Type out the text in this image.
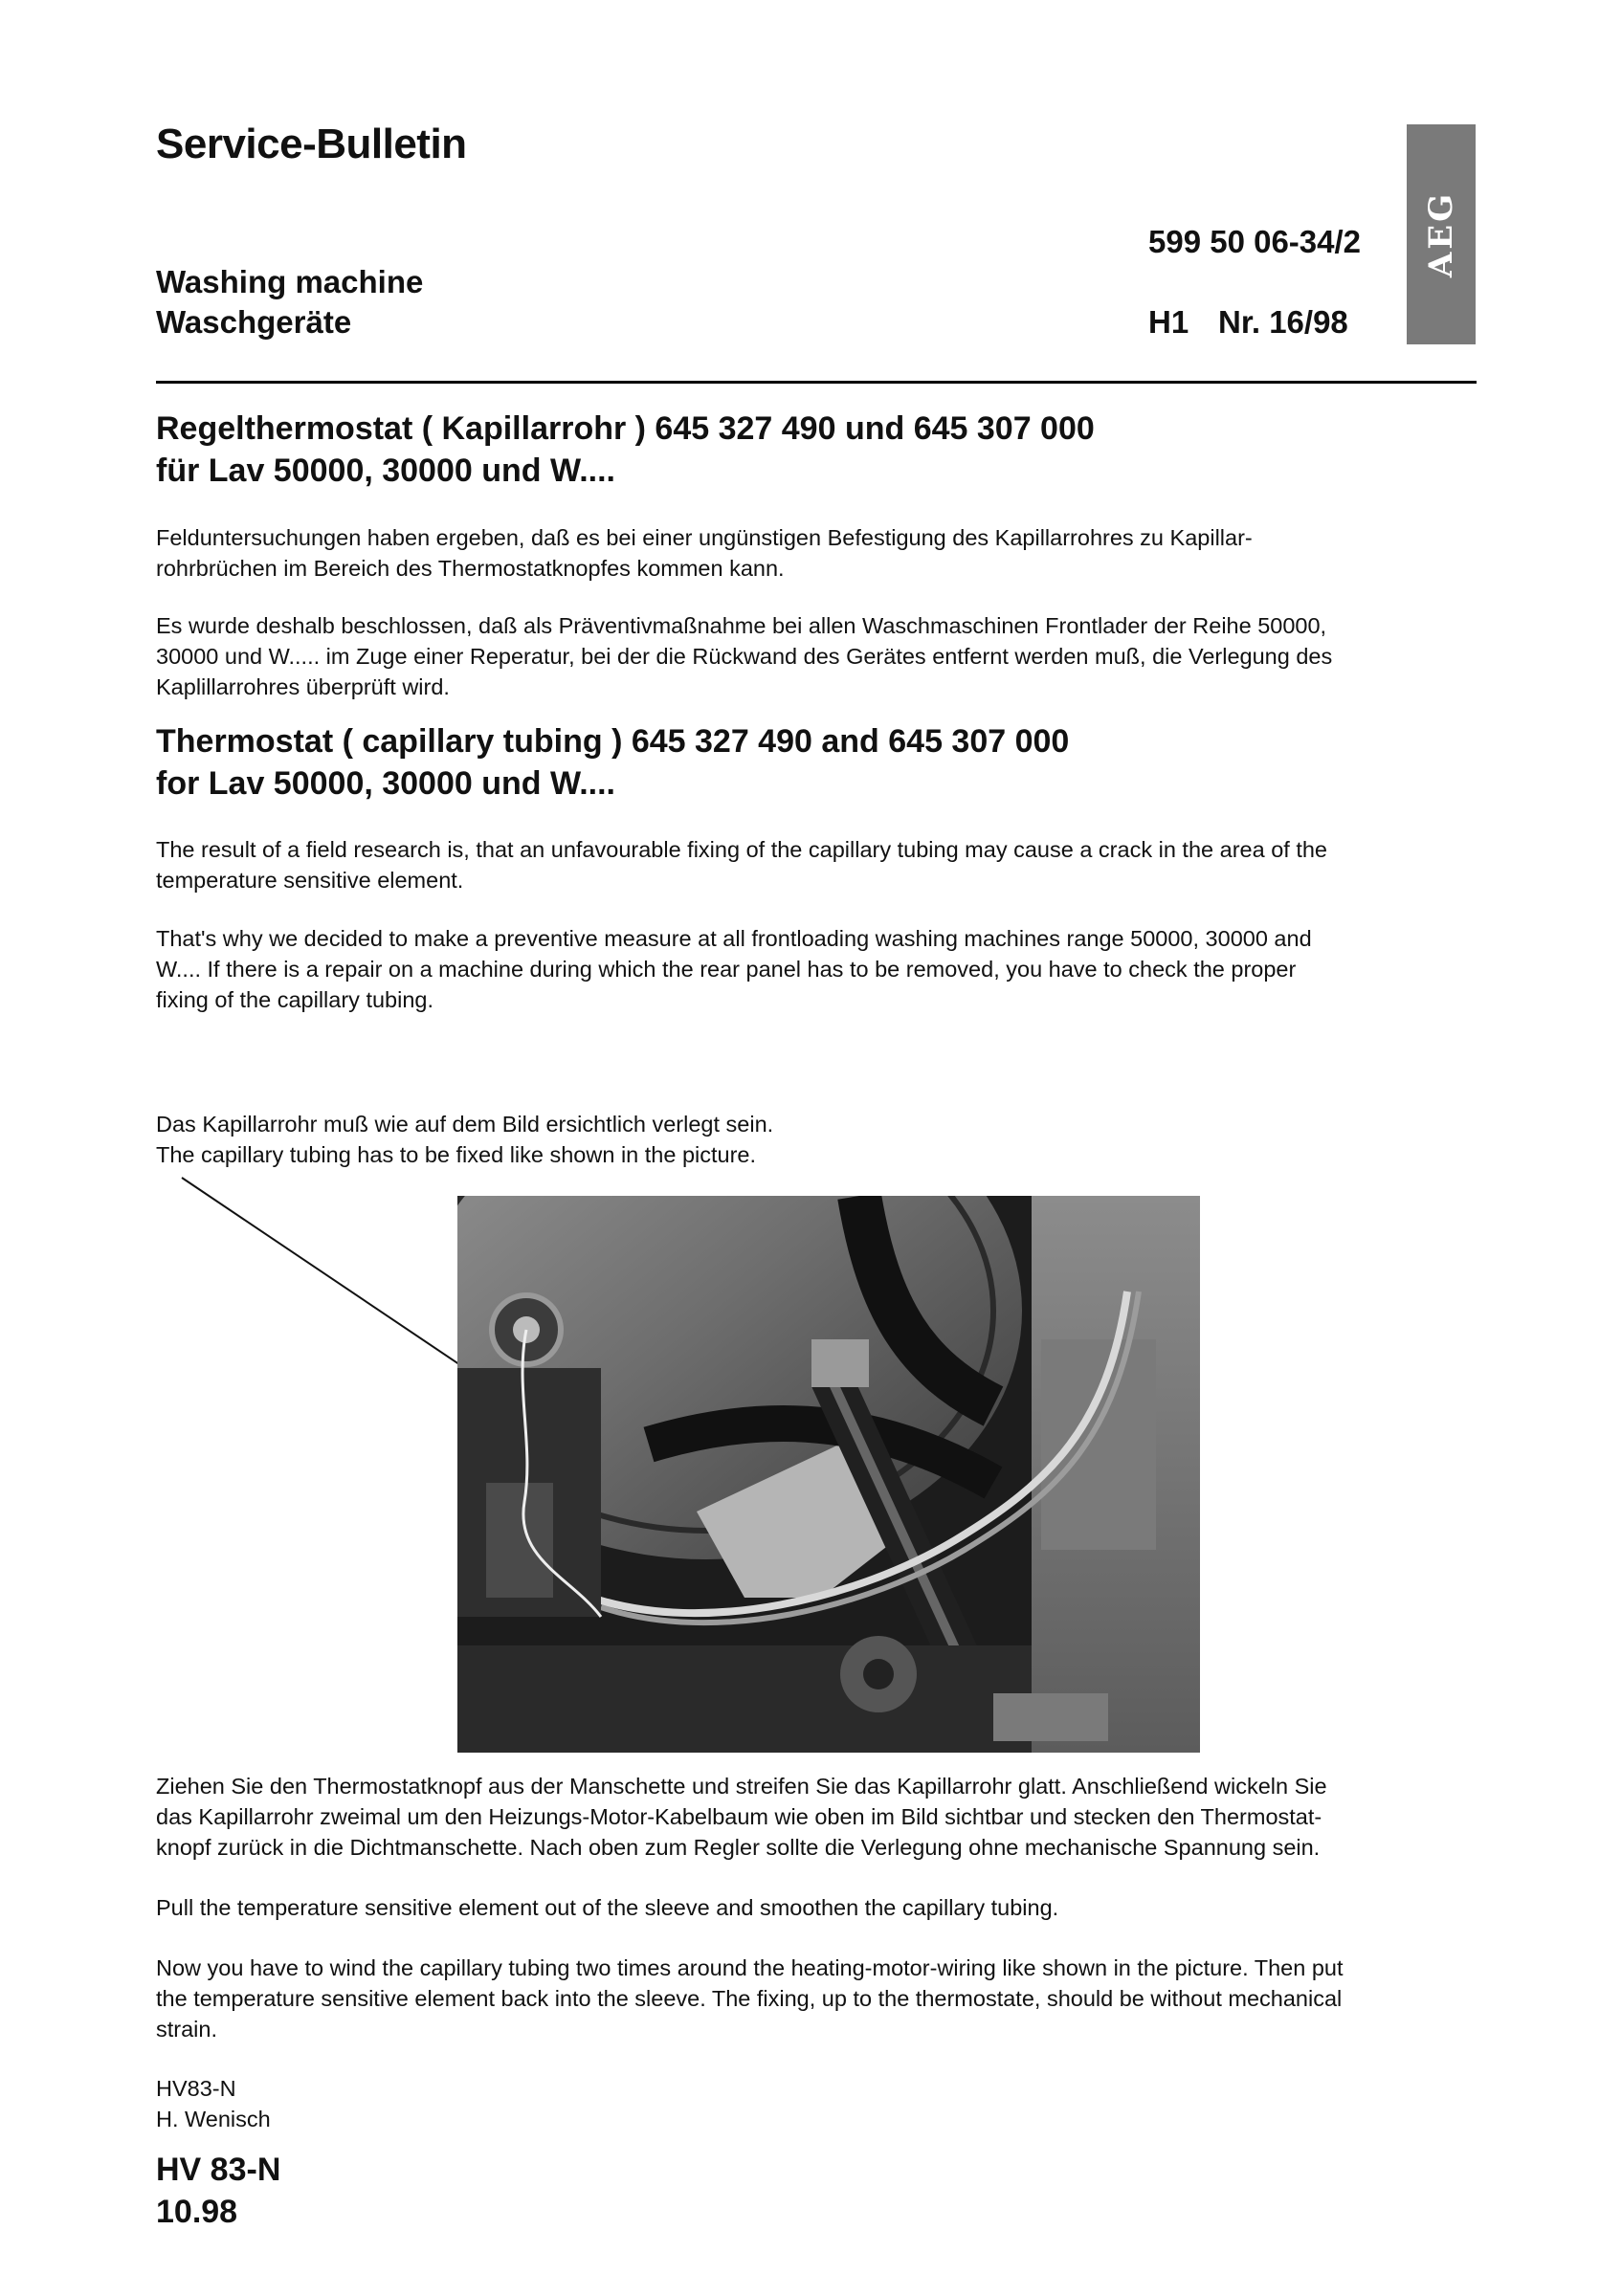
Service-Bulletin
599 50 06-34/2
Washing machine
Waschgeräte	H1 Nr. 16/98
AEG
Regelthermostat ( Kapillarrohr ) 645 327 490 und 645 307 000
für Lav 50000, 30000 und W....
Felduntersuchungen haben ergeben, daß es bei einer ungünstigen Befestigung des Kapillarrohres zu Kapillar-
rohrbrüchen im Bereich des Thermostatknopfes kommen kann.
Es wurde deshalb beschlossen, daß als Präventivmaßnahme bei allen Waschmaschinen Frontlader der Reihe 50000,
30000 und W..... im Zuge einer Reperatur, bei der die Rückwand des Gerätes entfernt werden muß, die Verlegung des
Kaplillarrohres überprüft wird.
Thermostat ( capillary tubing ) 645 327 490 and 645 307 000
for Lav 50000, 30000 und W....
The result of a field research is, that an unfavourable fixing of the capillary tubing may cause a crack in the area of the
temperature sensitive element.
That's why we decided to make a preventive measure at all frontloading washing machines range 50000, 30000 and
W.... If there is a repair on a machine during which the rear panel has to be removed, you have to check the proper
fixing of the capillary tubing.
Das Kapillarrohr muß wie auf dem Bild ersichtlich verlegt sein.
The capillary tubing has to be fixed like shown in the picture.
Ziehen Sie den Thermostatknopf aus der Manschette und streifen Sie das Kapillarrohr glatt. Anschließend wickeln Sie
das Kapillarrohr zweimal um den Heizungs-Motor-Kabelbaum wie oben im Bild sichtbar und stecken den Thermostat-
knopf zurück in die Dichtmanschette. Nach oben zum Regler sollte die Verlegung ohne mechanische Spannung sein.
Pull the temperature sensitive element out of the sleeve and smoothen the capillary tubing.
Now you have to wind the capillary tubing two times around the heating-motor-wiring like shown in the picture. Then put
the temperature sensitive element back into the sleeve. The fixing, up to the thermostate, should be without mechanical
strain.
HV83-N
H. Wenisch
HV 83-N
10.98
